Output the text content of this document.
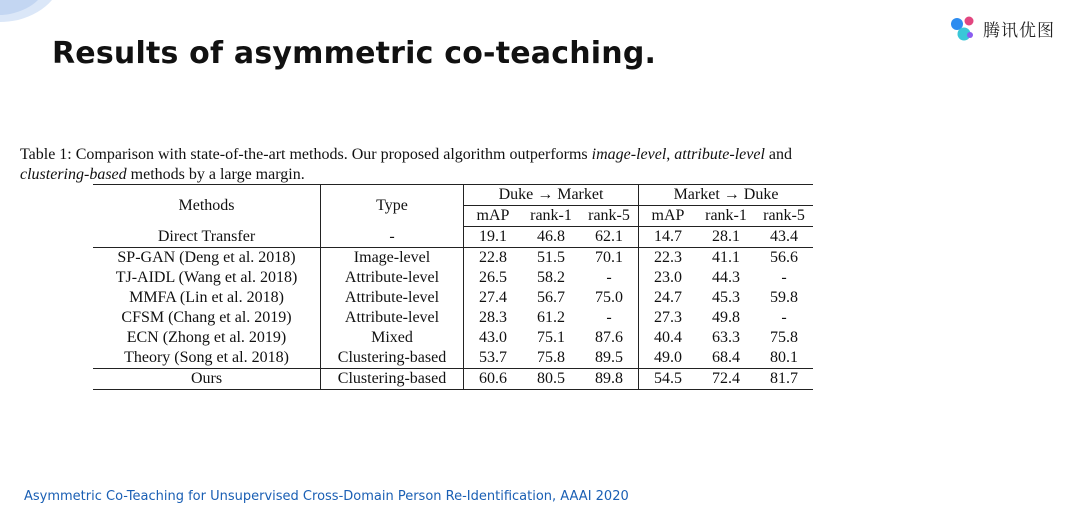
Results of asymmetric co-teaching.
腾讯优图
Table 1: Comparison with state-of-the-art methods. Our proposed algorithm outperforms image-level, attribute-level and
clustering-based methods by a large margin.
Methods	Type	Duke → Market			Market → Duke		
		mAP	rank-1	rank-5	mAP	rank-1	rank-5
Direct Transfer	-	19.1	46.8	62.1	14.7	28.1	43.4
SP-GAN (Deng et al. 2018)	Image-level	22.8	51.5	70.1	22.3	41.1	56.6
TJ-AIDL (Wang et al. 2018)	Attribute-level	26.5	58.2	-	23.0	44.3	-
MMFA (Lin et al. 2018)	Attribute-level	27.4	56.7	75.0	24.7	45.3	59.8
CFSM (Chang et al. 2019)	Attribute-level	28.3	61.2	-	27.3	49.8	-
ECN (Zhong et al. 2019)	Mixed	43.0	75.1	87.6	40.4	63.3	75.8
Theory (Song et al. 2018)	Clustering-based	53.7	75.8	89.5	49.0	68.4	80.1
Ours	Clustering-based	60.6	80.5	89.8	54.5	72.4	81.7
Asymmetric Co-Teaching for Unsupervised Cross-Domain Person Re-Identification, AAAI 2020
